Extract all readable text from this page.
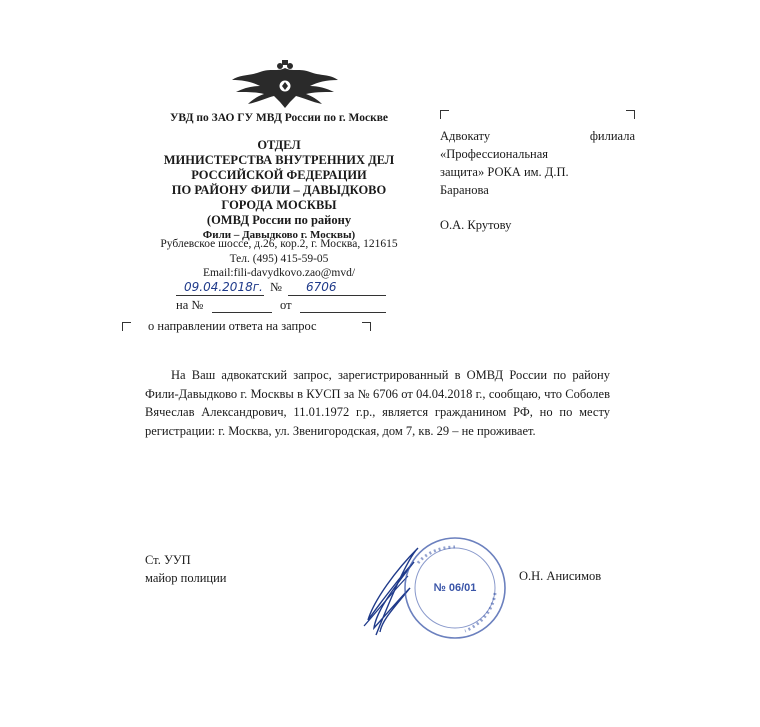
УВД по ЗАО ГУ МВД России по г. Москве
ОТДЕЛ
МИНИСТЕРСТВА ВНУТРЕННИХ ДЕЛ
РОССИЙСКОЙ ФЕДЕРАЦИИ
ПО РАЙОНУ ФИЛИ – ДАВЫДКОВО
ГОРОДА МОСКВЫ
(ОМВД России по району
Фили – Давыдково г. Москвы)
Рублевское шоссе, д.26, кор.2, г. Москва, 121615
Тел. (495) 415-59-05
Email:fili-davydkovo.zao@mvd/
09.04.2018г. № 6706
на №	от
Адвокату	филиала
«Профессиональная
защита» РОКА им. Д.П.
Баранова
О.А. Крутову
о направлении ответа на запрос
На Ваш адвокатский запрос, зарегистрированный в ОМВД России по району Фили-Давыдково г. Москвы в КУСП за № 6706 от 04.04.2018 г., сообщаю, что Соболев Вячеслав Александрович, 11.01.1972 г.р., является гражданином РФ, но по месту регистрации: г. Москва, ул. Звенигородская, дом 7, кв. 29 – не проживает.
Ст. УУП
майор полиции
№ 06/01
О.Н. Анисимов
